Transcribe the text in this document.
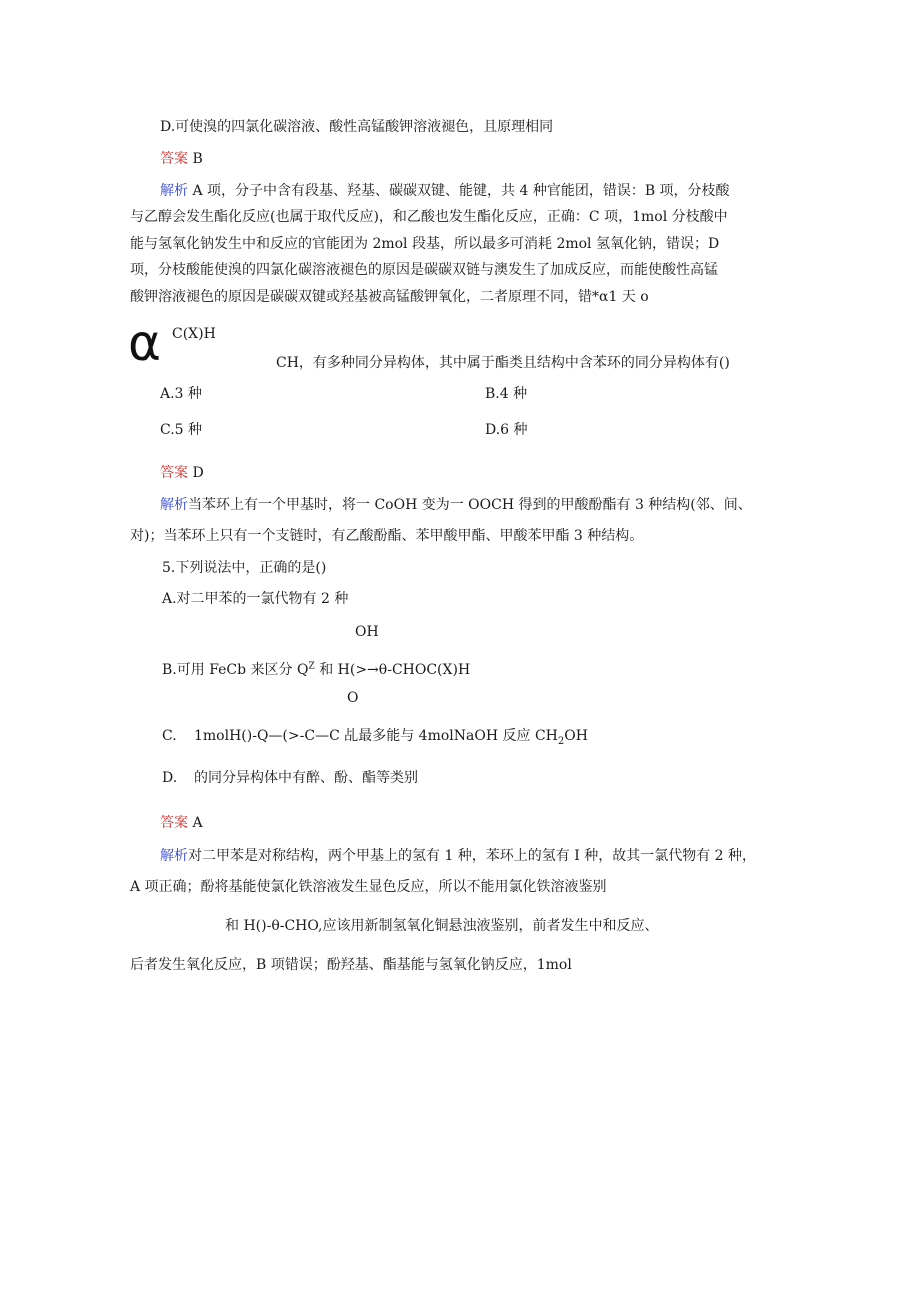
D.可使溴的四氯化碳溶液、酸性高锰酸钾溶液褪色，且原理相同
答案 B
解析 A 项，分子中含有段基、羟基、碳碳双键、能键，共 4 种官能团，错误：B 项，分枝酸
与乙醇会发生酯化反应(也属于取代反应)，和乙酸也发生酯化反应，正确：C 项，1mol 分枝酸中
能与氢氧化钠发生中和反应的官能团为 2mol 段基，所以最多可消耗 2mol 氢氧化钠，错误；D
项，分枝酸能使溴的四氯化碳溶液褪色的原因是碳碳双链与澳发生了加成反应，而能使酸性高锰
酸钾溶液褪色的原因是碳碳双键或羟基被高锰酸钾氧化，二者原理不同，错*α1 天 o
α C(X)H
CH，有多种同分异构体，其中属于酯类且结构中含苯环的同分异构体有()
A.3 种	B.4 种
C.5 种	D.6 种
答案 D
解析当苯环上有一个甲基时，将一 CoOH 变为一 OOCH 得到的甲酸酚酯有 3 种结构(邻、间、
对)；当苯环上只有一个支链时，有乙酸酚酯、苯甲酸甲酯、甲酸苯甲酯 3 种结构。
5.下列说法中，正确的是()
A.对二甲苯的一氯代物有 2 种
OH
B.可用 FeCb 来区分 $Q^Z$ 和 H(>→θ-CHOC(X)H
O
C. 1molH()-Q—(>-C—C 乩最多能与 4molNaOH 反应 $CH_2OH$
D. 的同分异构体中有醉、酚、酯等类别
答案 A
解析对二甲苯是对称结构，两个甲基上的氢有 1 种，苯环上的氢有 I 种，故其一氯代物有 2 种，
A 项正确；酚将基能使氯化铁溶液发生显色反应，所以不能用氯化铁溶液鉴别
和 H()-θ-CHO,应该用新制氢氧化铜悬浊液鉴别，前者发生中和反应、
后者发生氧化反应，B 项错误；酚羟基、酯基能与氢氧化钠反应，1mol
